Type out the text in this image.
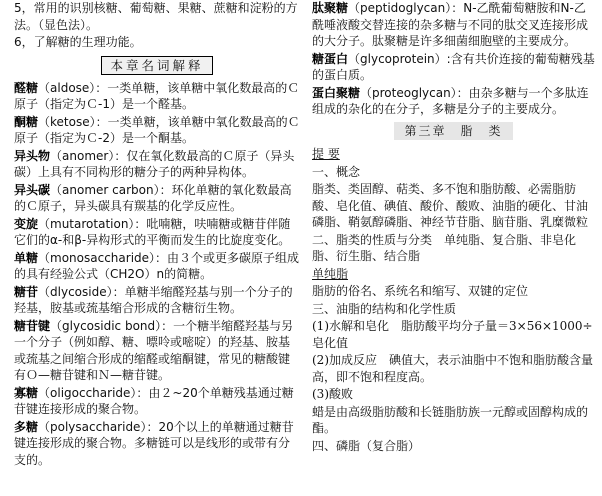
5，常用的识别核糖、葡萄糖、果糖、蔗糖和淀粉的方法。（显色法）。

6，了解糖的生理功能。

本章名词解释

醛糖（aldose）：一类单糖，该单糖中氧化数最高的Ｃ原子（指定为Ｃ-1）是一个醛基。

酮糖（ketose）：一类单糖，该单糖中氧化数最高的Ｃ原子（指定为Ｃ-2）是一个酮基。

异头物（anomer）：仅在氧化数最高的Ｃ原子（异头碳）上具有不同构形的糖分子的两种异构体。

异头碳（anomer carbon）：环化单糖的氧化数最高的Ｃ原子，异头碳具有羰基的化学反应性。

变旋（mutarotation）：吡喃糖，呋喃糖或糖苷伴随它们的α-和β-异构形式的平衡而发生的比旋度变化。

单糖（monosaccharide）：由３个或更多碳原子组成的具有经验公式（CH2O）n的简糖。

糖苷（dlycoside）：单糖半缩醛羟基与别一个分子的羟基，胺基或巯基缩合形成的含糖衍生物。

糖苷键（glycosidic bond）：一个糖半缩醛羟基与另一个分子（例如醇、糖、嘌呤或嘧啶）的羟基、胺基或巯基之间缩合形成的缩醛或缩酮键，常见的糖酸键有Ｏ—糖苷键和Ｎ—糖苷键。

寡糖（oligoccharide）：由２~20个单糖残基通过糖苷键连接形成的聚合物。

多糖（polysaccharide）：20个以上的单糖通过糖苷键连接形成的聚合物。多糖链可以是线形的或带有分支的。

肽聚糖（peptidoglycan）：N-乙酰葡萄糖胺和N-乙酰唾液酸交替连接的杂多糖与不同的肽交叉连接形成的大分子。肽聚糖是许多细菌细胞壁的主要成分。

糖蛋白（glycoprotein）:含有共价连接的葡萄糖残基的蛋白质。

蛋白聚糖（proteoglycan）：由杂多糖与一个多肽连组成的杂化的在分子，多糖是分子的主要成分。

第三章　脂　类

提 要

一、概念

脂类、类固醇、萜类、多不饱和脂肪酸、必需脂肪酸、皂化值、碘值、酸价、酸败、油脂的硬化、甘油磷脂、鞘氨醇磷脂、神经节苷脂、脑苷脂、乳糜微粒

二、脂类的性质与分类　单纯脂、复合脂、非皂化脂、衍生脂、结合脂

单纯脂

脂肪的俗名、系统名和缩写、双键的定位

三、油脂的结构和化学性质

(1)水解和皂化　脂肪酸平均分子量＝3×56×1000÷皂化值

(2)加成反应　碘值大，表示油脂中不饱和脂肪酸含量高，即不饱和程度高。

(3)酸败

蜡是由高级脂肪酸和长链脂肪族一元醇或固醇构成的酯。

四、磷脂（复合脂）
